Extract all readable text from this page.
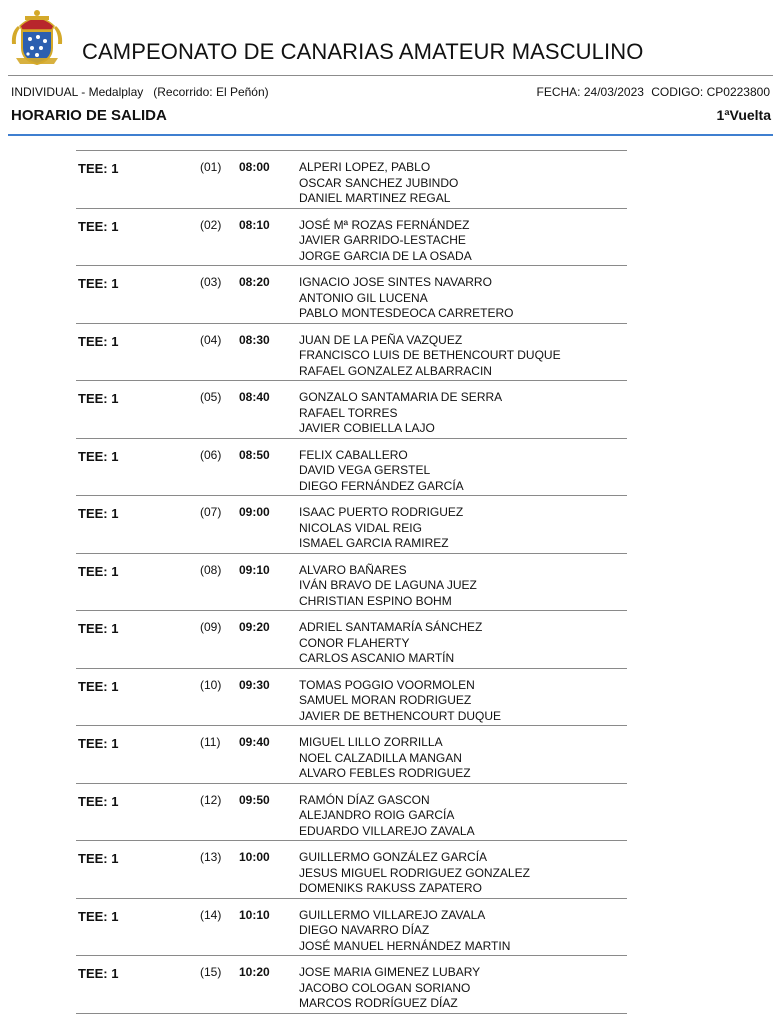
CAMPEONATO DE CANARIAS AMATEUR MASCULINO
INDIVIDUAL - Medalplay   (Recorrido: El Peñón)	FECHA: 24/03/2023 CODIGO: CP0223800
HORARIO DE SALIDA	1ªVuelta
TEE: 1	(01) 08:00 ALPERI LOPEZ, PABLO
OSCAR SANCHEZ JUBINDO
DANIEL MARTINEZ REGAL
TEE: 1	(02) 08:10 JOSÉ Mª ROZAS FERNÁNDEZ
JAVIER GARRIDO-LESTACHE
JORGE GARCIA DE LA OSADA
TEE: 1	(03) 08:20 IGNACIO JOSE SINTES NAVARRO
ANTONIO GIL LUCENA
PABLO MONTESDEOCA CARRETERO
TEE: 1	(04) 08:30 JUAN DE LA PEÑA VAZQUEZ
FRANCISCO LUIS DE BETHENCOURT DUQUE
RAFAEL GONZALEZ ALBARRACIN
TEE: 1	(05) 08:40 GONZALO SANTAMARIA DE SERRA
RAFAEL TORRES
JAVIER COBIELLA LAJO
TEE: 1	(06) 08:50 FELIX CABALLERO
DAVID VEGA GERSTEL
DIEGO FERNÁNDEZ GARCÍA
TEE: 1	(07) 09:00 ISAAC PUERTO RODRIGUEZ
NICOLAS VIDAL REIG
ISMAEL GARCIA RAMIREZ
TEE: 1	(08) 09:10 ALVARO BAÑARES
IVÁN BRAVO DE LAGUNA JUEZ
CHRISTIAN ESPINO BOHM
TEE: 1	(09) 09:20 ADRIEL SANTAMARÍA SÁNCHEZ
CONOR FLAHERTY
CARLOS ASCANIO MARTÍN
TEE: 1	(10) 09:30 TOMAS POGGIO VOORMOLEN
SAMUEL MORAN RODRIGUEZ
JAVIER DE BETHENCOURT DUQUE
TEE: 1	(11) 09:40 MIGUEL LILLO ZORRILLA
NOEL CALZADILLA MANGAN
ALVARO FEBLES RODRIGUEZ
TEE: 1	(12) 09:50 RAMÓN DÍAZ GASCON
ALEJANDRO ROIG GARCÍA
EDUARDO VILLAREJO ZAVALA
TEE: 1	(13) 10:00 GUILLERMO GONZÁLEZ GARCÍA
JESUS MIGUEL RODRIGUEZ GONZALEZ
DOMENIKS RAKUSS ZAPATERO
TEE: 1	(14) 10:10 GUILLERMO VILLAREJO ZAVALA
DIEGO NAVARRO DÍAZ
JOSÉ MANUEL HERNÁNDEZ MARTIN
TEE: 1	(15) 10:20 JOSE MARIA GIMENEZ LUBARY
JACOBO COLOGAN SORIANO
MARCOS RODRÍGUEZ DÍAZ
